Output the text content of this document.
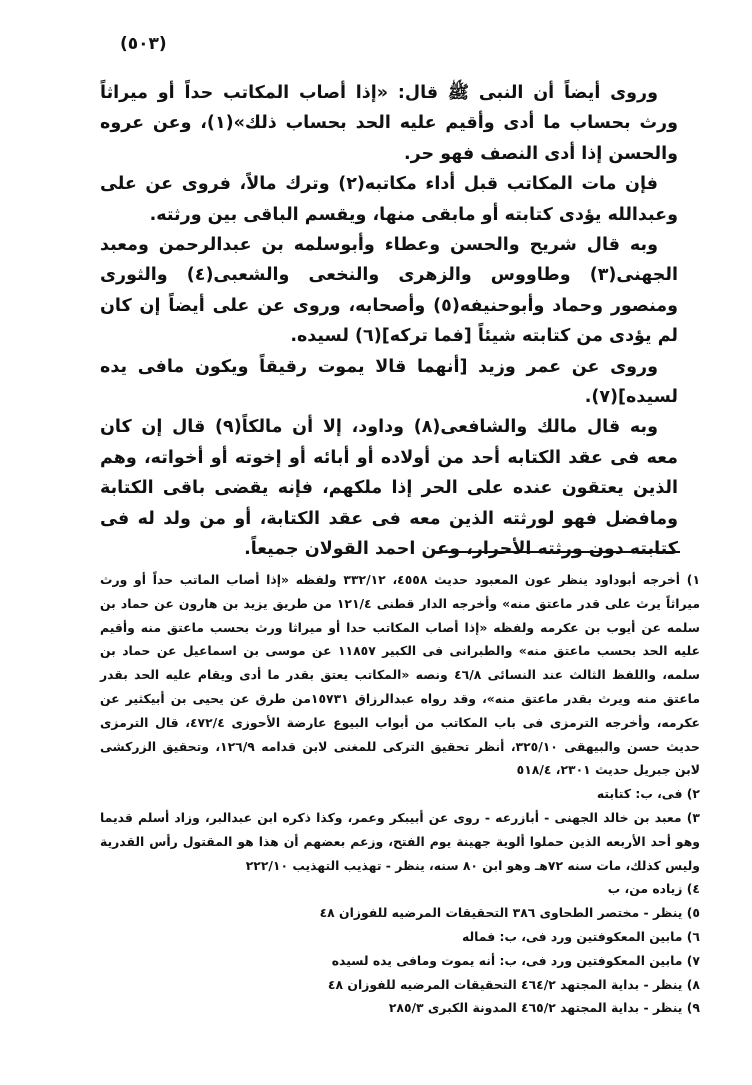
(٥٠٣)

وروى أيضاً أن النبى ﷺ قال: «إذا أصاب المكاتب حداً أو ميراثاً ورث بحساب ما أدى وأقيم عليه الحد بحساب ذلك»(١)، وعن عروه والحسن إذا أدى النصف فهو حر.

فإن مات المكاتب قبل أداء مكاتبه(٢) وترك مالاً، فروى عن على وعبدالله يؤدى كتابته أو مابقى منها، ويقسم الباقى بين ورثته.

وبه قال شريح والحسن وعطاء وأبوسلمه بن عبدالرحمن ومعبد الجهنى(٣) وطاووس والزهرى والنخعى والشعبى(٤) والثورى ومنصور وحماد وأبوحنيفه(٥) وأصحابه، وروى عن على أيضاً إن كان لم يؤدى من كتابته شيئاً [فما تركه](٦) لسيده.

وروى عن عمر وزيد [أنهما قالا يموت رقيقاً ويكون مافى يده لسيده](٧).

وبه قال مالك والشافعى(٨) وداود، إلا أن مالكاً(٩) قال إن كان معه فى عقد الكتابه أحد من أولاده أو أبائه أو إخوته أو أخواته، وهم الذين يعتقون عنده على الحر إذا ملكهم، فإنه يقضى باقى الكتابة ومافضل فهو لورثته الذين معه فى عقد الكتابة، أو من ولد له فى كتابته دون ورثته الأحرار، وعن احمد القولان جميعاً.

١) أخرجه أبوداود ينظر عون المعبود حديث ٤٥٥٨، ٣٣٢/١٢ ولفظه «إذا أصاب الماتب حداً أو ورث ميراثاً يرث على قدر ماعتق منه» وأخرجه الدار قطنى ١٢١/٤ من طريق يزيد بن هارون عن حماد بن سلمه عن أيوب بن عكرمه ولفظه «إذا أصاب المكاتب حدا أو ميراثا ورث بحسب ماعتق منه وأقيم عليه الحد بحسب ماعتق منه» والطبرانى فى الكبير ١١٨٥٧ عن موسى بن اسماعيل عن حماد بن سلمه، واللفظ الثالث عند النسائى ٤٦/٨ ونصه «المكاتب يعتق بقدر ما أدى ويقام عليه الحد بقدر ماعتق منه ويرث بقدر ماعتق منه»، وقد رواه عبدالرزاق ١٥٧٣١من طرق عن يحيى بن أبيكثير عن عكرمه، وأخرجه الترمزى فى باب المكاتب من أبواب البيوع عارضة الأحوزى ٤٧٢/٤، قال الترمزى حديث حسن والبيهقى ٣٢٥/١٠، أنظر تحقيق التركى للمغنى لابن قدامه ١٢٦/٩، وتحقيق الزركشى لابن جبريل حديث ٢٣٠١، ٥١٨/٤

٢) فى، ب: كتابته

٣) معبد بن خالد الجهنى - أبازرعه - روى عن أبيبكر وعمر، وكذا ذكره ابن عبدالبر، وزاد أسلم قديما وهو أحد الأربعه الذين حملوا ألوية جهينة يوم الفتح، وزعم بعضهم أن هذا هو المقتول رأس القدرية وليس كذلك، مات سنه ٧٢هـ وهو ابن ٨٠ سنه، ينظر - تهذيب التهذيب ٢٢٢/١٠

٤) زياده من، ب

٥) ينظر - مختصر الطحاوى ٣٨٦ التحقيقات المرضيه للفوزان ٤٨

٦) مابين المعكوفتين ورد فى، ب: فماله

٧) مابين المعكوفتين ورد فى، ب: أنه يموت ومافى يده لسيده

٨) ينظر - بداية المجتهد ٤٦٤/٢ التحقيقات المرضيه للفوزان ٤٨

٩) ينظر - بداية المجتهد ٤٦٥/٢ المدونة الكبرى ٢٨٥/٣
